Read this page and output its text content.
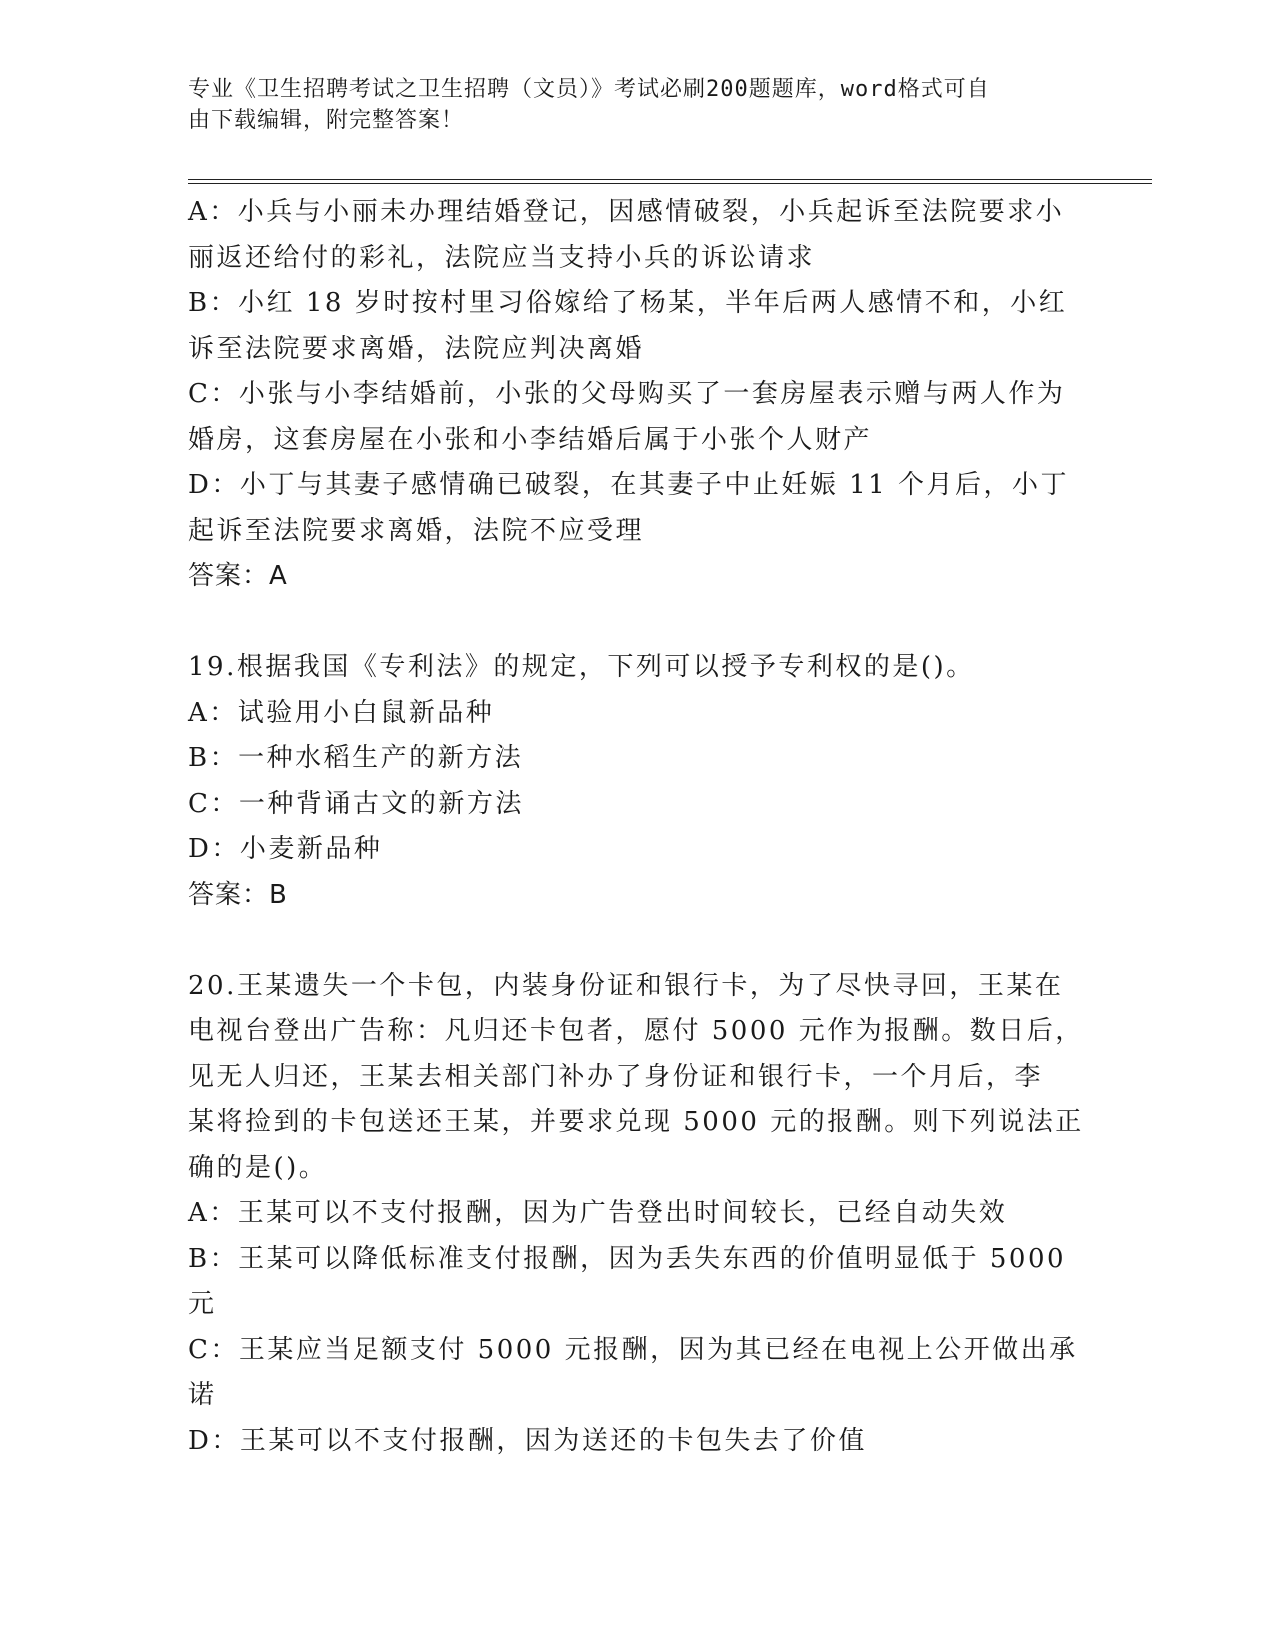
专业《卫生招聘考试之卫生招聘（文员）》考试必刷200题题库，word格式可自
由下载编辑，附完整答案！
A：小兵与小丽未办理结婚登记，因感情破裂，小兵起诉至法院要求小
丽返还给付的彩礼，法院应当支持小兵的诉讼请求
B：小红 18 岁时按村里习俗嫁给了杨某，半年后两人感情不和，小红
诉至法院要求离婚，法院应判决离婚
C：小张与小李结婚前，小张的父母购买了一套房屋表示赠与两人作为
婚房，这套房屋在小张和小李结婚后属于小张个人财产
D：小丁与其妻子感情确已破裂，在其妻子中止妊娠 11 个月后，小丁
起诉至法院要求离婚，法院不应受理
答案：A
19.根据我国《专利法》的规定，下列可以授予专利权的是()。
A：试验用小白鼠新品种
B：一种水稻生产的新方法
C：一种背诵古文的新方法
D：小麦新品种
答案：B
20.王某遗失一个卡包，内装身份证和银行卡，为了尽快寻回，王某在
电视台登出广告称：凡归还卡包者，愿付 5000 元作为报酬。数日后，
见无人归还，王某去相关部门补办了身份证和银行卡，一个月后，李
某将捡到的卡包送还王某，并要求兑现 5000 元的报酬。则下列说法正
确的是()。
A：王某可以不支付报酬，因为广告登出时间较长，已经自动失效
B：王某可以降低标准支付报酬，因为丢失东西的价值明显低于 5000
元
C：王某应当足额支付 5000 元报酬，因为其已经在电视上公开做出承
诺
D：王某可以不支付报酬，因为送还的卡包失去了价值
